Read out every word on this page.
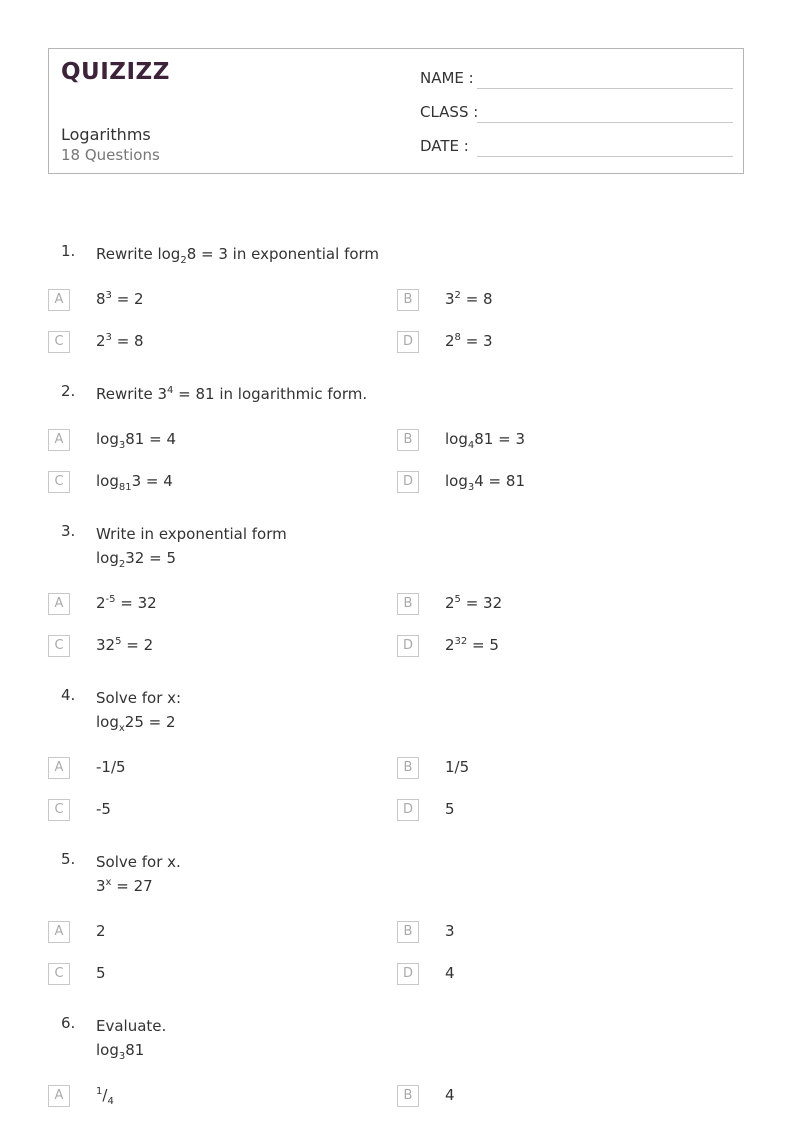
QUIZIZZ
Logarithms
18 Questions
NAME :
CLASS :
DATE :
1. Rewrite $\log_28 = 3$ in exponential form
A	$8^3 = 2$	B	$3^2 = 8$
C	$2^3 = 8$	D	$2^8 = 3$
2. Rewrite $3^4 = 81$ in logarithmic form.
A	$\log_381 = 4$	B	$\log_481 = 3$
C	$\log_{81}3 = 4$	D	$\log_34 = 81$
3. Write in exponential form
$\log_232 = 5$
A	$2^{-5} = 32$	B	$2^5 = 32$
C	$32^5 = 2$	D	$2^{32} = 5$
4. Solve for x:
$\log_x25 = 2$
A	-1/5	B	1/5
C	-5	D	5
5. Solve for x.
$3^x = 27$
A	2	B	3
C	5	D	4
6. Evaluate.
$\log_381$
A	$^1/_4$	B	4
